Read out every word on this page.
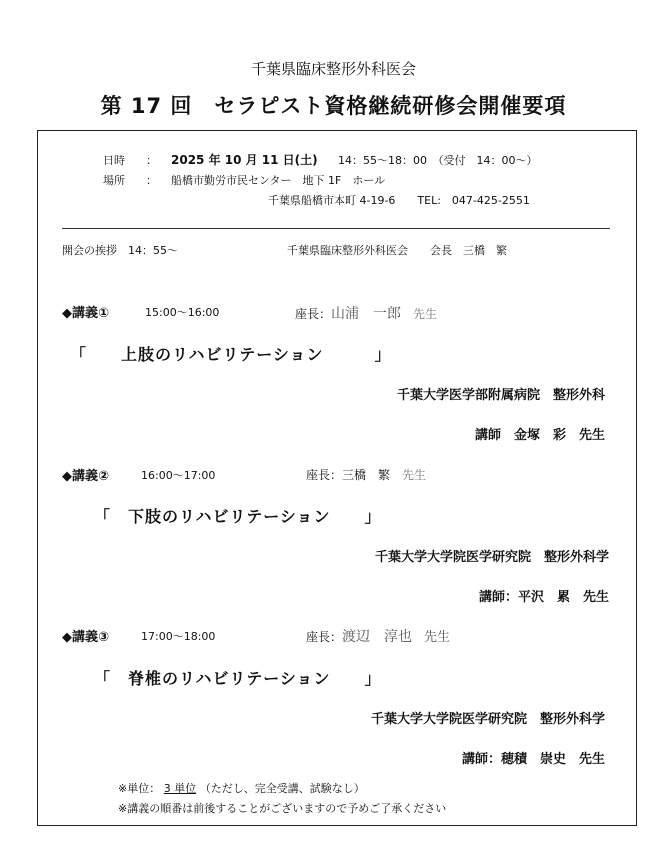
千葉県臨床整形外科医会
第 17 回　セラピスト資格継続研修会開催要項
日時 ： 2025 年 10 月 11 日(土) 14：55〜18：00　（受付　14：00〜）
場所 ： 船橋市勤労市民センター　地下 1F　ホール
千葉県船橋市本町 4-19-6　　TEL:　047-425-2551
開会の挨拶　14：55〜	千葉県臨床整形外科医会　　会長　三橋　繁
◆講義①	15:00〜16:00	座長：山浦　一郎　 先生
「　　上肢のリハビリテーション　　　」
千葉大学医学部附属病院　整形外科
講師　金塚　彩　先生
◆講義②	16:00〜17:00	座長：三橋　繁　 先生
「　下肢のリハビリテーション　　」
千葉大学大学院医学研究院　整形外科学
講師：平沢　累　先生
◆講義③	17:00〜18:00	座長：渡辺　淳也　 先生
「　脊椎のリハビリテーション　　」
千葉大学大学院医学研究院　整形外科学
講師：穂積　崇史　先生
※単位： 3 単位 （ただし、完全受講、試験なし）
※講義の順番は前後することがございますので予めご了承ください
